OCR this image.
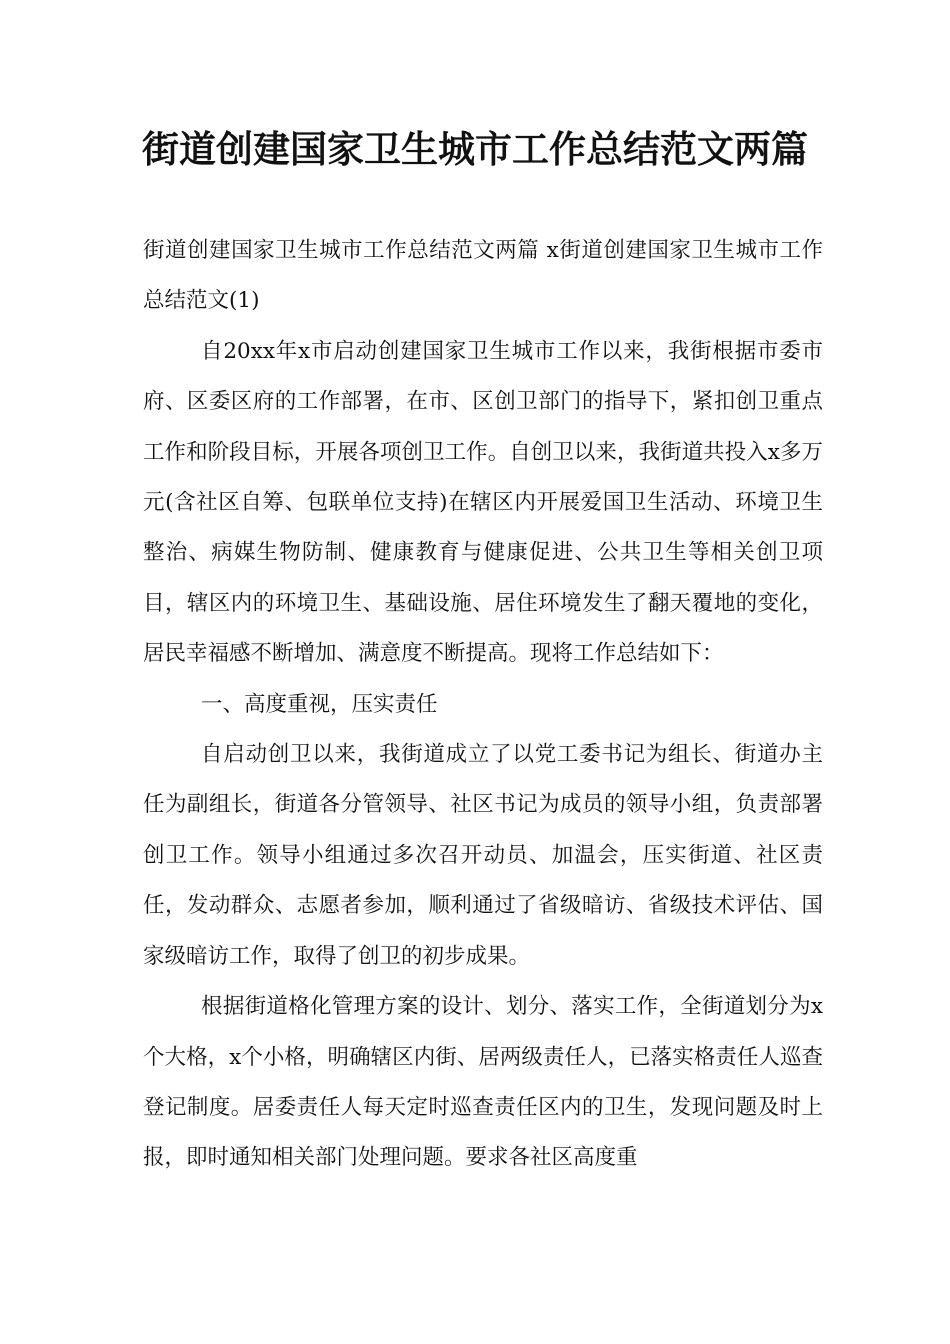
街道创建国家卫生城市工作总结范文两篇

街道创建国家卫生城市工作总结范文两篇 x街道创建国家卫生城市工作总结范文(1)

自20xx年x市启动创建国家卫生城市工作以来，我街根据市委市府、区委区府的工作部署，在市、区创卫部门的指导下，紧扣创卫重点工作和阶段目标，开展各项创卫工作。自创卫以来，我街道共投入x多万元(含社区自筹、包联单位支持)在辖区内开展爱国卫生活动、环境卫生整治、病媒生物防制、健康教育与健康促进、公共卫生等相关创卫项目，辖区内的环境卫生、基础设施、居住环境发生了翻天覆地的变化，居民幸福感不断增加、满意度不断提高。现将工作总结如下：

一、高度重视，压实责任

自启动创卫以来，我街道成立了以党工委书记为组长、街道办主任为副组长，街道各分管领导、社区书记为成员的领导小组，负责部署创卫工作。领导小组通过多次召开动员、加温会，压实街道、社区责任，发动群众、志愿者参加，顺利通过了省级暗访、省级技术评估、国家级暗访工作，取得了创卫的初步成果。

根据街道格化管理方案的设计、划分、落实工作，全街道划分为x个大格，x个小格，明确辖区内街、居两级责任人，已落实格责任人巡查登记制度。居委责任人每天定时巡查责任区内的卫生，发现问题及时上报，即时通知相关部门处理问题。要求各社区高度重
